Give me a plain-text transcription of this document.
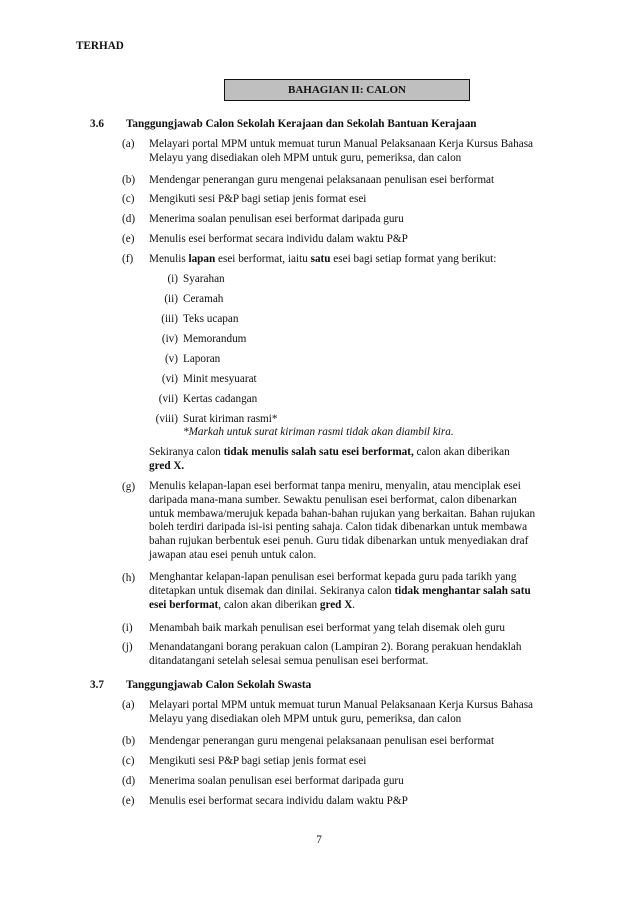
TERHAD
BAHAGIAN II: CALON
3.6 Tanggungjawab Calon Sekolah Kerajaan dan Sekolah Bantuan Kerajaan
(a)	Melayari portal MPM untuk memuat turun Manual Pelaksanaan Kerja Kursus Bahasa
Melayu yang disediakan oleh MPM untuk guru, pemeriksa, dan calon
(b)	Mendengar penerangan guru mengenai pelaksanaan penulisan esei berformat
(c)	Mengikuti sesi P&P bagi setiap jenis format esei
(d)	Menerima soalan penulisan esei berformat daripada guru
(e)	Menulis esei berformat secara individu dalam waktu P&P
(f)	Menulis lapan esei berformat, iaitu satu esei bagi setiap format yang berikut:
(i) Syarahan
(ii) Ceramah
(iii) Teks ucapan
(iv) Memorandum
(v) Laporan
(vi) Minit mesyuarat
(vii) Kertas cadangan
(viii) Surat kiriman rasmi*
*Markah untuk surat kiriman rasmi tidak akan diambil kira.
Sekiranya calon tidak menulis salah satu esei berformat, calon akan diberikan
gred X.
(g)	Menulis kelapan-lapan esei berformat tanpa meniru, menyalin, atau menciplak esei
daripada mana-mana sumber. Sewaktu penulisan esei berformat, calon dibenarkan
untuk membawa/merujuk kepada bahan-bahan rujukan yang berkaitan. Bahan rujukan
boleh terdiri daripada isi-isi penting sahaja. Calon tidak dibenarkan untuk membawa
bahan rujukan berbentuk esei penuh. Guru tidak dibenarkan untuk menyediakan draf
jawapan atau esei penuh untuk calon.
(h)	Menghantar kelapan-lapan penulisan esei berformat kepada guru pada tarikh yang
ditetapkan untuk disemak dan dinilai. Sekiranya calon tidak menghantar salah satu
esei berformat, calon akan diberikan gred X.
(i)	Menambah baik markah penulisan esei berformat yang telah disemak oleh guru
(j)	Menandatangani borang perakuan calon (Lampiran 2). Borang perakuan hendaklah
ditandatangani setelah selesai semua penulisan esei berformat.
3.7 Tanggungjawab Calon Sekolah Swasta
(a)	Melayari portal MPM untuk memuat turun Manual Pelaksanaan Kerja Kursus Bahasa
Melayu yang disediakan oleh MPM untuk guru, pemeriksa, dan calon
(b)	Mendengar penerangan guru mengenai pelaksanaan penulisan esei berformat
(c)	Mengikuti sesi P&P bagi setiap jenis format esei
(d)	Menerima soalan penulisan esei berformat daripada guru
(e)	Menulis esei berformat secara individu dalam waktu P&P
7
